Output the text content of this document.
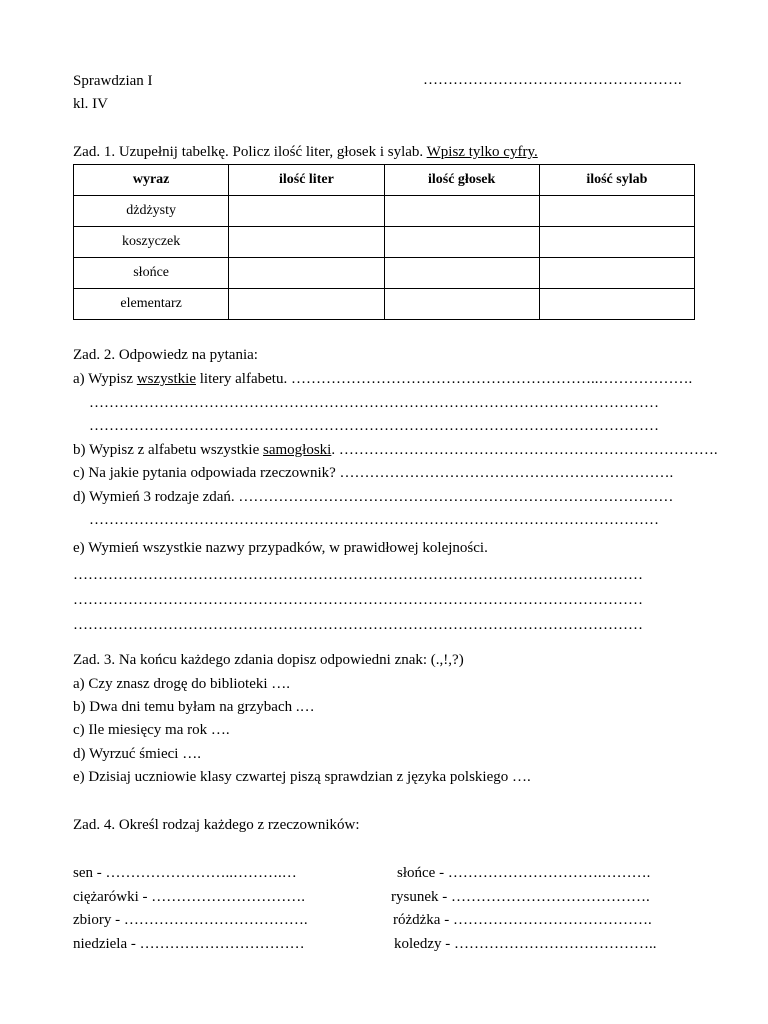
Sprawdzian I	…………………………………………….
kl. IV
Zad. 1. Uzupełnij tabelkę. Policz ilość liter, głosek i sylab. Wpisz tylko cyfry.
wyraz	ilość liter	ilość głosek	ilość sylab
dżdżysty			
koszyczek			
słońce			
elementarz			
Zad. 2. Odpowiedz na pytania:
a) Wypisz wszystkie litery alfabetu. ……………………………………………………..……………….
……………………………………………………………………………………………………
……………………………………………………………………………………………………
b) Wypisz z alfabetu wszystkie samogłoski. ………………………………………………………………….
c) Na jakie pytania odpowiada rzeczownik? ………………………………………………………….
d) Wymień 3 rodzaje zdań. ……………………………………………………………………………
……………………………………………………………………………………………………
e) Wymień wszystkie nazwy przypadków, w prawidłowej kolejności.
……………………………………………………………………………………………………
……………………………………………………………………………………………………
……………………………………………………………………………………………………
Zad. 3. Na końcu każdego zdania dopisz odpowiedni znak: (.,!,?)
a) Czy znasz drogę do biblioteki ….
b) Dwa dni temu byłam na grzybach .…
c) Ile miesięcy ma rok ….
d) Wyrzuć śmieci ….
e) Dzisiaj uczniowie klasy czwartej piszą sprawdzian z języka polskiego ….
Zad. 4. Określ rodzaj każdego z rzeczowników:
sen - ……………………..……….…
ciężarówki - ………………………….
zbiory - ……………………………….
niedziela - ……………………………
słońce - ………………………….……….
rysunek - ………………………………….
różdżka - ………………………………….
koledzy - …………………………………..
